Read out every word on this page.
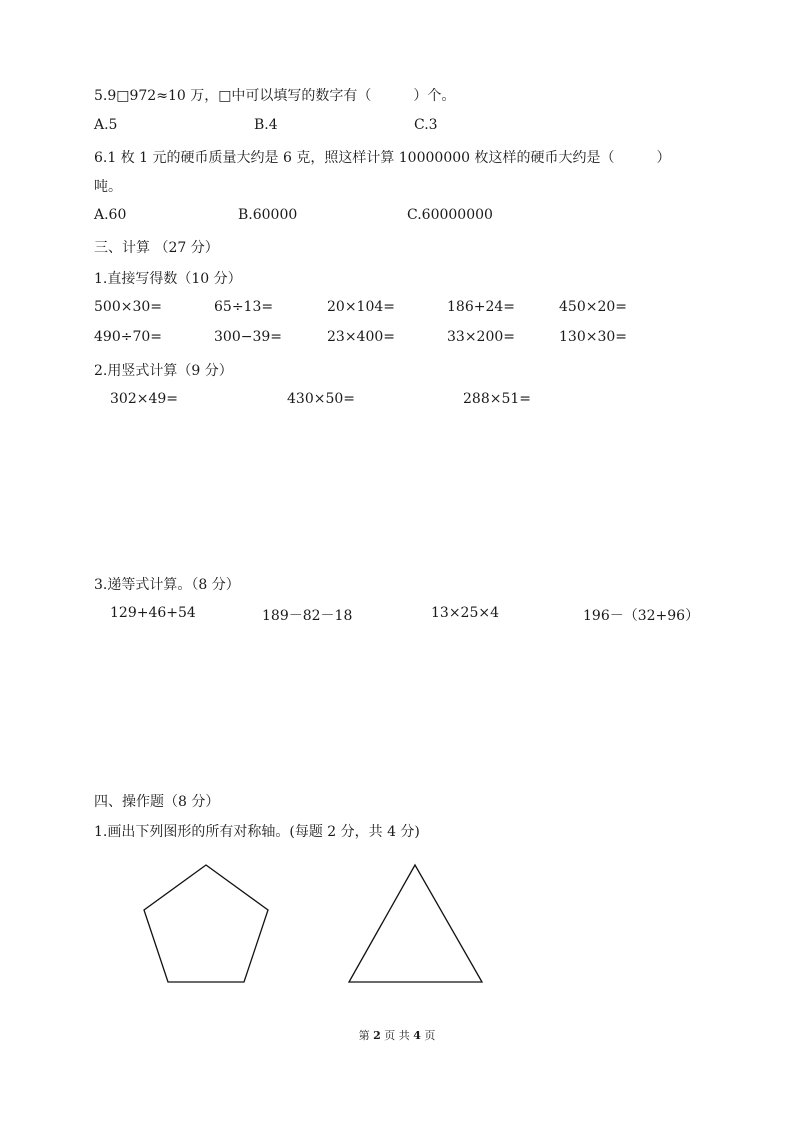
5.9□972≈10 万，□中可以填写的数字有（　　　）个。
A.5	B.4	C.3
6.1 枚 1 元的硬币质量大约是 6 克，照这样计算 10000000 枚这样的硬币大约是（　　　）
吨。
A.60	B.60000	C.60000000
三、计算 （27 分）
1.直接写得数（10 分）
500×30=	65÷13=	20×104=	186+24=	450×20=
490÷70=	300−39=	23×400=	33×200=	130×30=
2.用竖式计算（9 分）
302×49=	430×50=	288×51=
3.递等式计算。（8 分）
129+46+54	189－82－18	13×25×4	196－（32+96）
四、操作题（8 分）
1.画出下列图形的所有对称轴。(每题 2 分，共 4 分)
第 2 页 共 4 页
